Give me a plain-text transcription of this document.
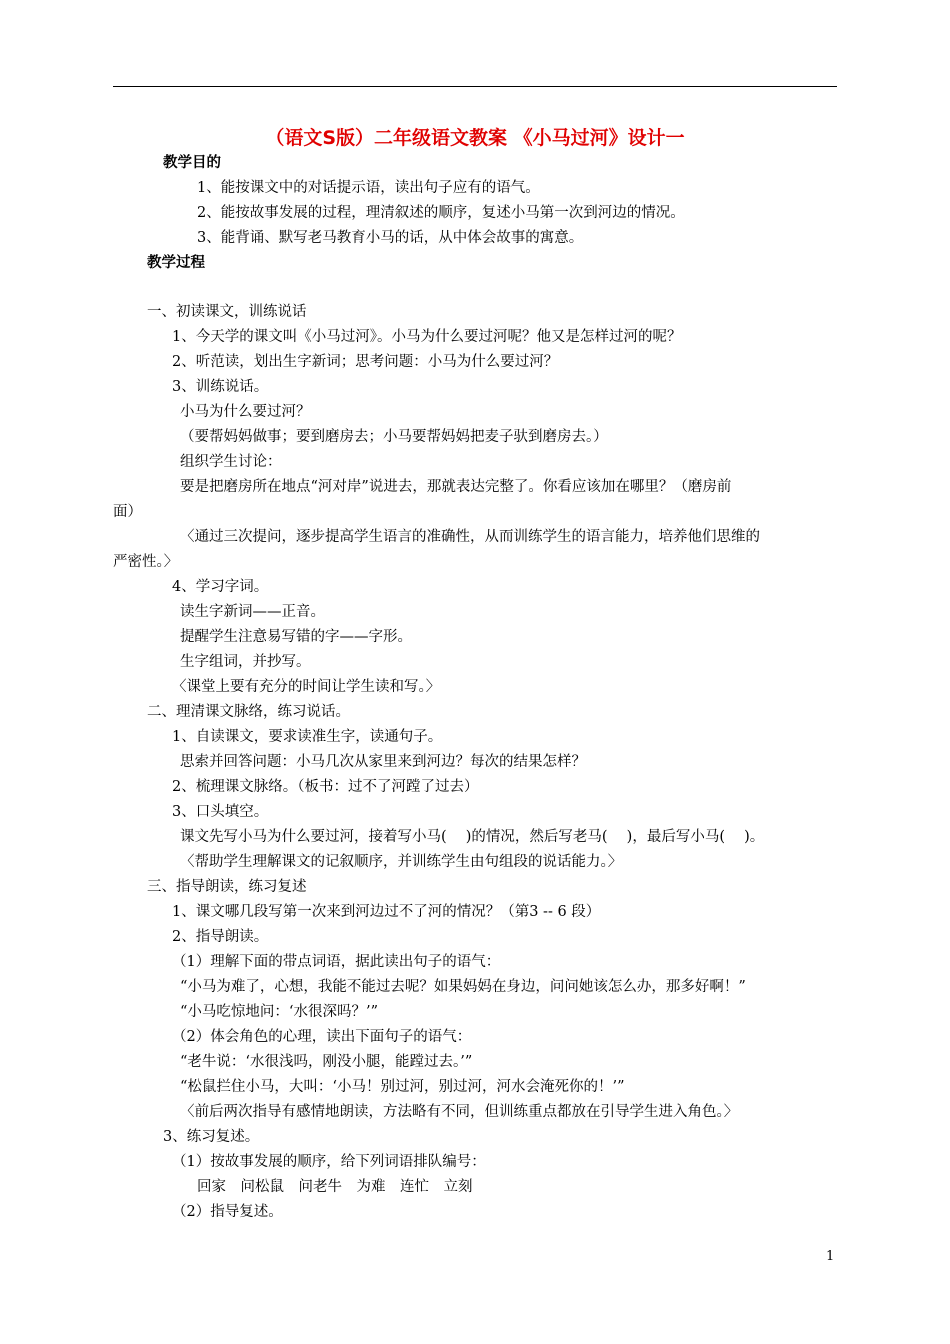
（语文S版）二年级语文教案 《小马过河》设计一
教学目的
1、能按课文中的对话提示语，读出句子应有的语气。
2、能按故事发展的过程，理清叙述的顺序，复述小马第一次到河边的情况。
3、能背诵、默写老马教育小马的话，从中体会故事的寓意。
教学过程
一、初读课文，训练说话
1、今天学的课文叫《小马过河》。小马为什么要过河呢？他又是怎样过河的呢？
2、听范读，划出生字新词；思考问题：小马为什么要过河？
3、训练说话。
小马为什么要过河？
（要帮妈妈做事；要到磨房去；小马要帮妈妈把麦子驮到磨房去。）
组织学生讨论：
要是把磨房所在地点“河对岸”说进去，那就表达完整了。你看应该加在哪里？（磨房前
面）
〈通过三次提问，逐步提高学生语言的准确性，从而训练学生的语言能力，培养他们思维的
严密性。〉
4、学习字词。
读生字新词——正音。
提醒学生注意易写错的字——字形。
生字组词，并抄写。
〈课堂上要有充分的时间让学生读和写。〉
二、理清课文脉络，练习说话。
1、自读课文，要求读准生字，读通句子。
思索并回答问题：小马几次从家里来到河边？每次的结果怎样？
2、梳理课文脉络。（板书：过不了河蹚了过去）
3、口头填空。
课文先写小马为什么要过河，接着写小马(　 )的情况，然后写老马(　 )，最后写小马(　 )。
〈帮助学生理解课文的记叙顺序，并训练学生由句组段的说话能力。〉
三、指导朗读，练习复述
1、课文哪几段写第一次来到河边过不了河的情况？（第3 -- 6 段）
2、指导朗读。
（1）理解下面的带点词语，据此读出句子的语气：
“小马为难了，心想，我能不能过去呢？如果妈妈在身边，问问她该怎么办，那多好啊！”
“小马吃惊地问：‘水很深吗？’”
（2）体会角色的心理，读出下面句子的语气：
“老牛说：‘水很浅吗，刚没小腿，能蹚过去。’”
“松鼠拦住小马，大叫：‘小马！别过河，别过河，河水会淹死你的！’”
〈前后两次指导有感情地朗读，方法略有不同，但训练重点都放在引导学生进入角色。〉
3、练习复述。
（1）按故事发展的顺序，给下列词语排队编号：
回家　问松鼠　问老牛　为难　连忙　立刻
（2）指导复述。
1
